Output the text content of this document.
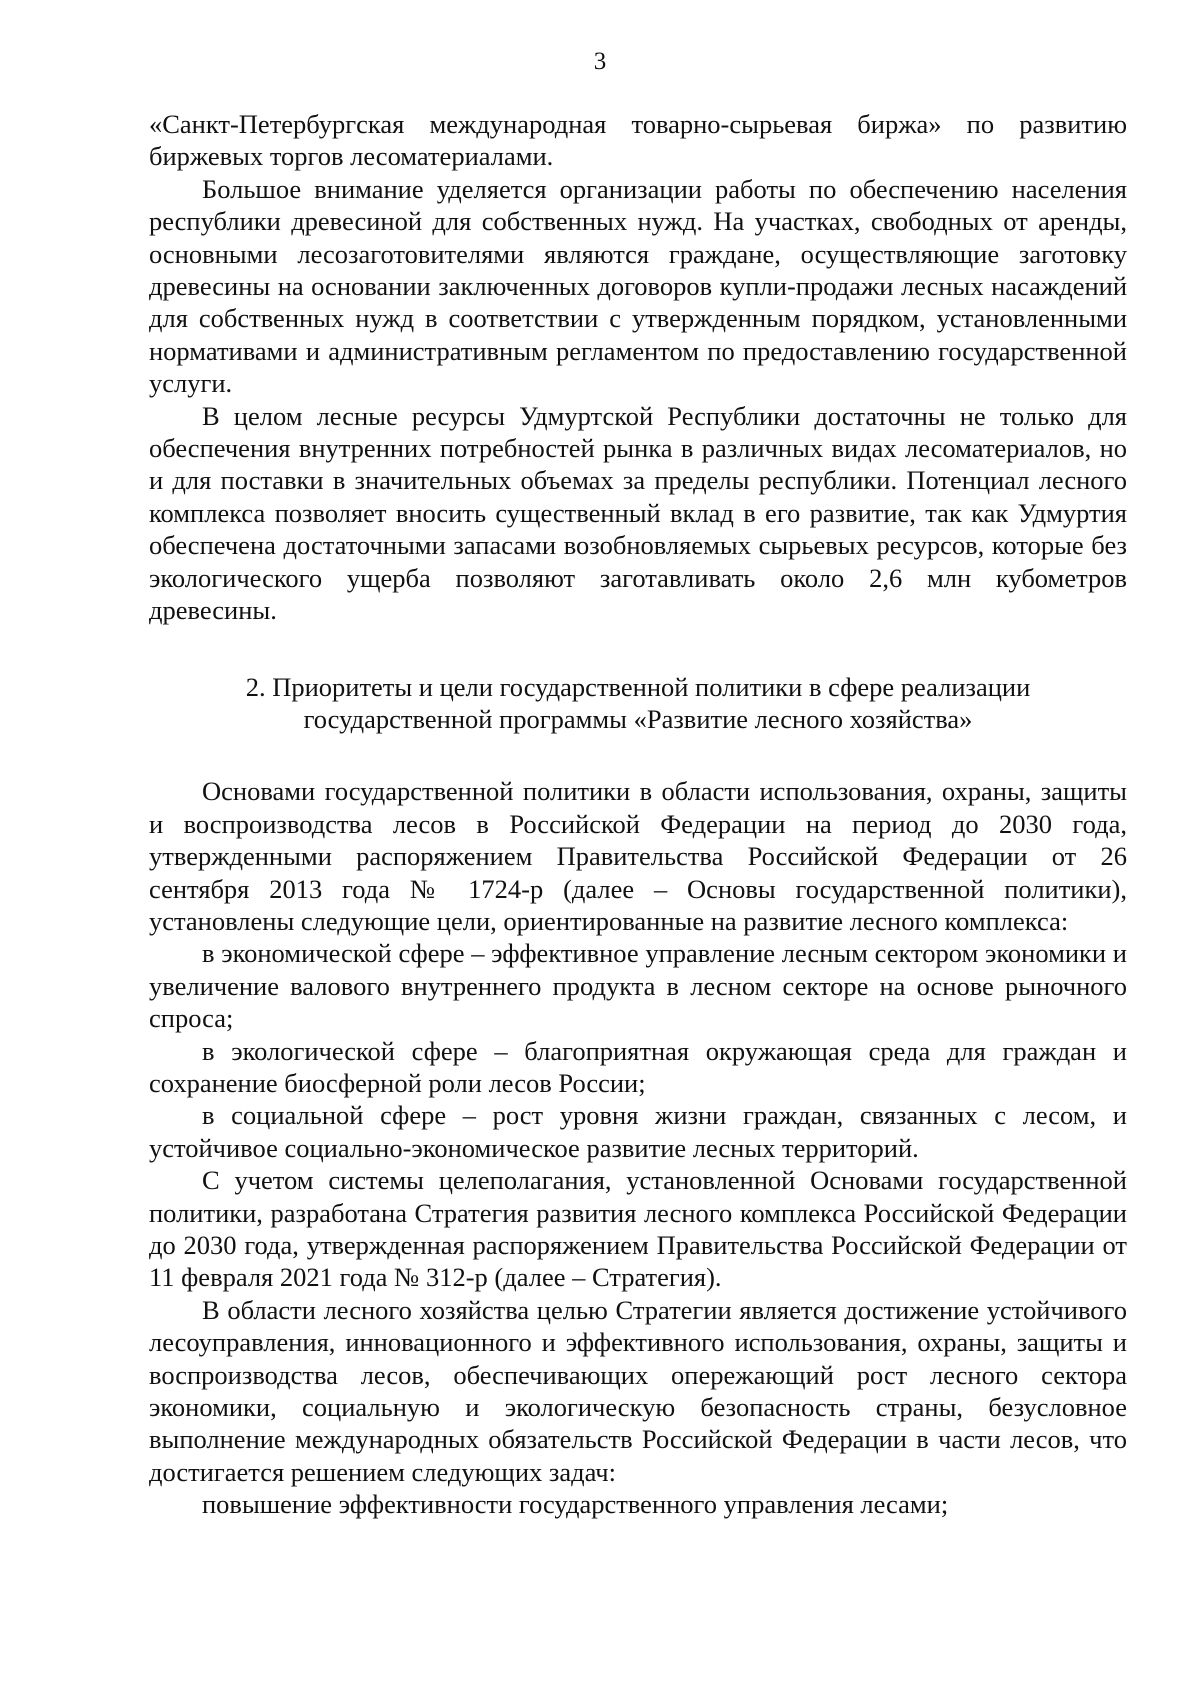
3

«Санкт-Петербургская международная товарно-сырьевая биржа» по развитию биржевых торгов лесоматериалами.

Большое внимание уделяется организации работы по обеспечению населения республики древесиной для собственных нужд. На участках, свободных от аренды, основными лесозаготовителями являются граждане, осуществляющие заготовку древесины на основании заключенных договоров купли-продажи лесных насаждений для собственных нужд в соответствии с утвержденным порядком, установленными нормативами и административным регламентом по предоставлению государственной услуги.

В целом лесные ресурсы Удмуртской Республики достаточны не только для обеспечения внутренних потребностей рынка в различных видах лесоматериалов, но и для поставки в значительных объемах за пределы республики. Потенциал лесного комплекса позволяет вносить существенный вклад в его развитие, так как Удмуртия обеспечена достаточными запасами возобновляемых сырьевых ресурсов, которые без экологического ущерба позволяют заготавливать около 2,6 млн кубометров древесины.

2. Приоритеты и цели государственной политики в сфере реализации
государственной программы «Развитие лесного хозяйства»

Основами государственной политики в области использования, охраны, защиты и воспроизводства лесов в Российской Федерации на период до 2030 года, утвержденными распоряжением Правительства Российской Федерации от 26 сентября 2013 года № 1724-р (далее – Основы государственной политики), установлены следующие цели, ориентированные на развитие лесного комплекса:

в экономической сфере – эффективное управление лесным сектором экономики и увеличение валового внутреннего продукта в лесном секторе на основе рыночного спроса;

в экологической сфере – благоприятная окружающая среда для граждан и сохранение биосферной роли лесов России;

в социальной сфере – рост уровня жизни граждан, связанных с лесом, и устойчивое социально-экономическое развитие лесных территорий.

С учетом системы целеполагания, установленной Основами государственной политики, разработана Стратегия развития лесного комплекса Российской Федерации до 2030 года, утвержденная распоряжением Правительства Российской Федерации от 11 февраля 2021 года № 312-р (далее – Стратегия).

В области лесного хозяйства целью Стратегии является достижение устойчивого лесоуправления, инновационного и эффективного использования, охраны, защиты и воспроизводства лесов, обеспечивающих опережающий рост лесного сектора экономики, социальную и экологическую безопасность страны, безусловное выполнение международных обязательств Российской Федерации в части лесов, что достигается решением следующих задач:

повышение эффективности государственного управления лесами;
